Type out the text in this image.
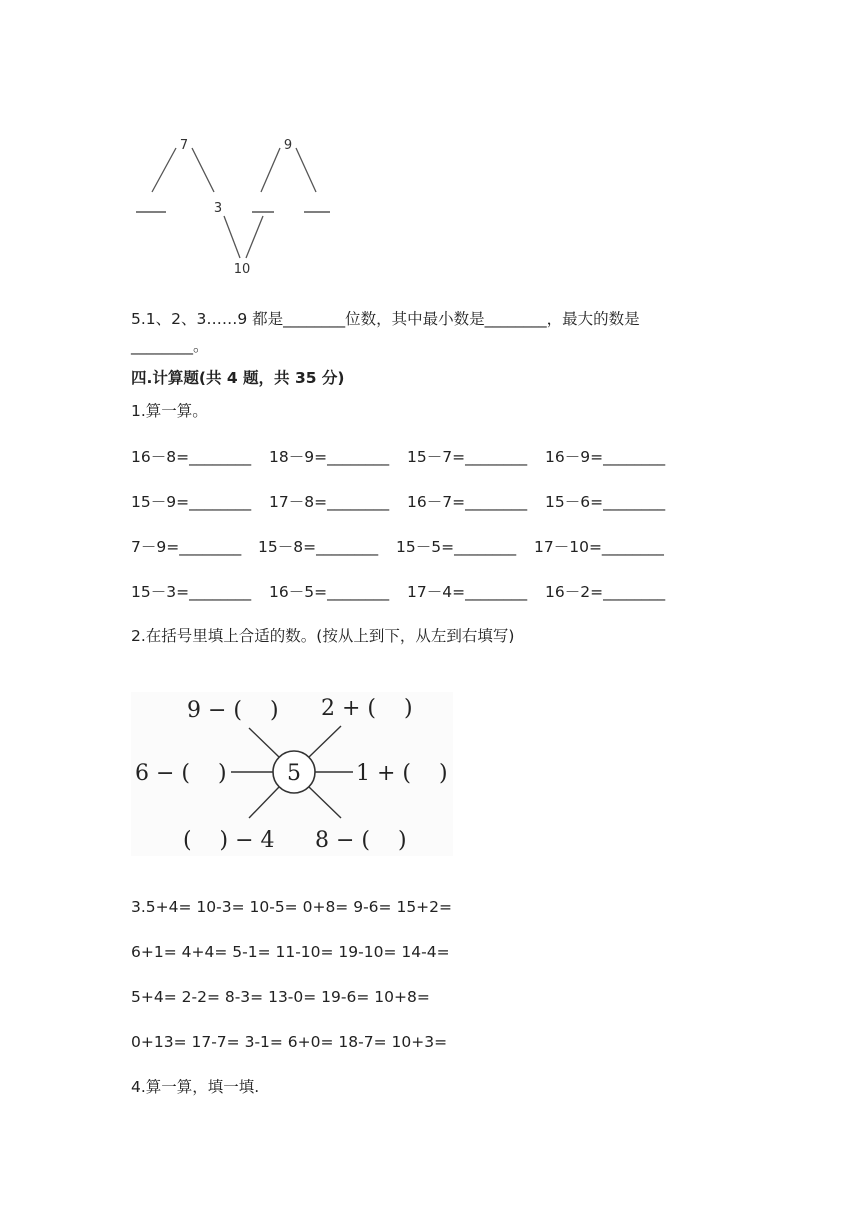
7	9
3
10
5.1、2、3……9 都是________位数，其中最小数是________，最大的数是
________。
四.计算题(共 4 题，共 35 分)
1.算一算。
16－8=________ 18－9=________ 15－7=________ 16－9=________
15－9=________ 17－8=________ 16－7=________ 15－6=________
7－9=________ 15－8=________ 15－5=________ 17－10=________
15－3=________ 16－5=________ 17－4=________ 16－2=________
2.在括号里填上合适的数。(按从上到下，从左到右填写)
5
9 − (    ) 2 + (    )
6 − (    )	1 + (    )
(    ) − 4 8 − (    )
3.5+4= 10-3= 10-5= 0+8= 9-6= 15+2=
6+1= 4+4= 5-1= 11-10= 19-10= 14-4=
5+4= 2-2= 8-3= 13-0= 19-6= 10+8=
0+13= 17-7= 3-1= 6+0= 18-7= 10+3=
4.算一算，填一填.
